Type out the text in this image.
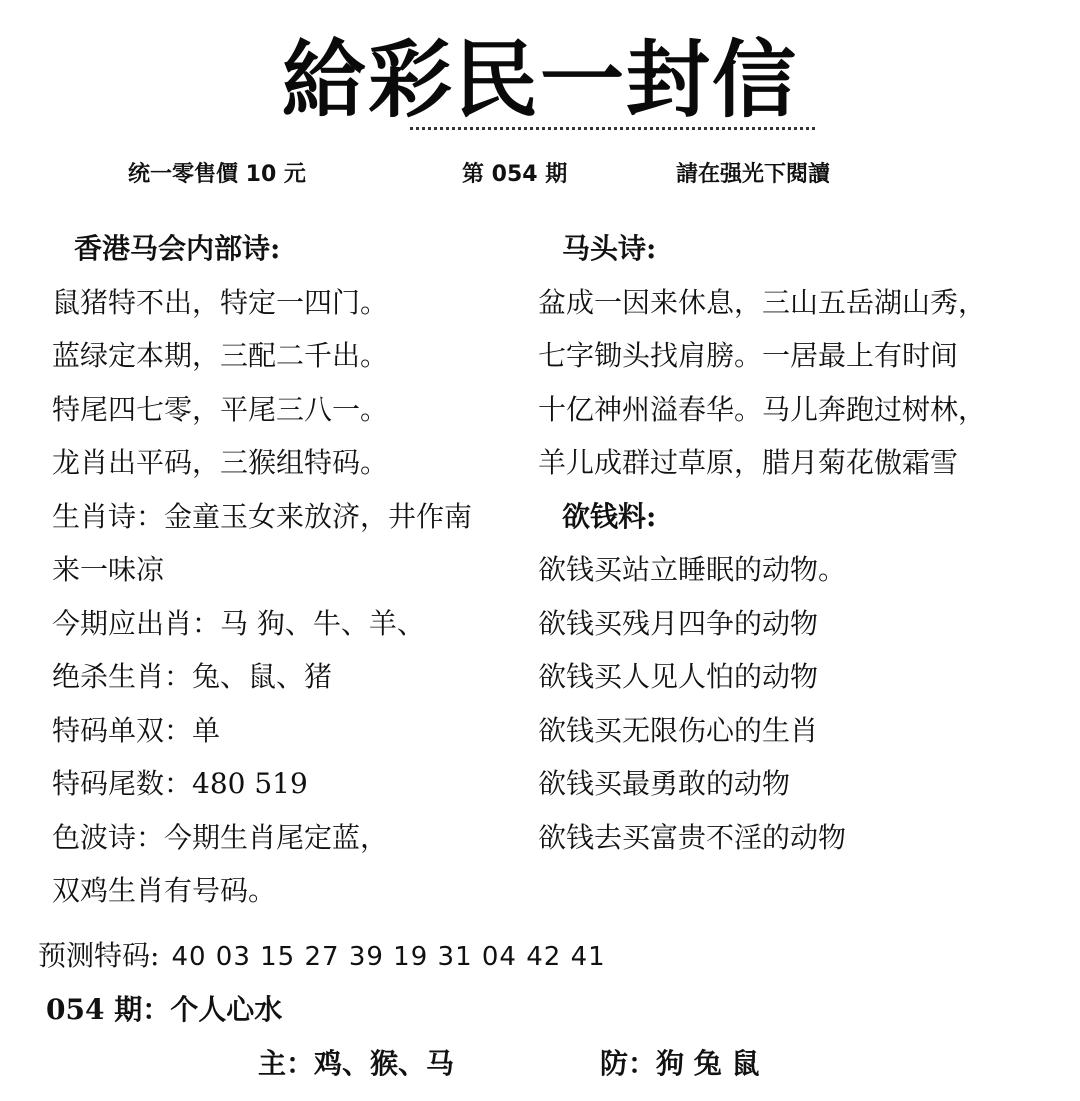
給彩民一封信
统一零售價 10 元	第 054 期	請在强光下閱讀
香港马会内部诗:
鼠猪特不出，特定一四门。
蓝绿定本期，三配二千出。
特尾四七零，平尾三八一。
龙肖出平码，三猴组特码。
生肖诗：金童玉女来放济，井作南
来一味凉
今期应出肖：马 狗、牛、羊、
绝杀生肖：兔、鼠、猪
特码单双：单
特码尾数：480 519
色波诗：今期生肖尾定蓝，
双鸡生肖有号码。
马头诗:
盆成一因来休息，三山五岳湖山秀，
七字锄头找肩膀。一居最上有时间
十亿神州溢春华。马儿奔跑过树林，
羊儿成群过草原，腊月菊花傲霜雪
欲钱料:
欲钱买站立睡眠的动物。
欲钱买残月四争的动物
欲钱买人见人怕的动物
欲钱买无限伤心的生肖
欲钱买最勇敢的动物
欲钱去买富贵不淫的动物
预测特码: 40 03 15 27 39 19 31 04 42 41
054 期：个人心水
主：鸡、猴、马	防：狗 兔 鼠
